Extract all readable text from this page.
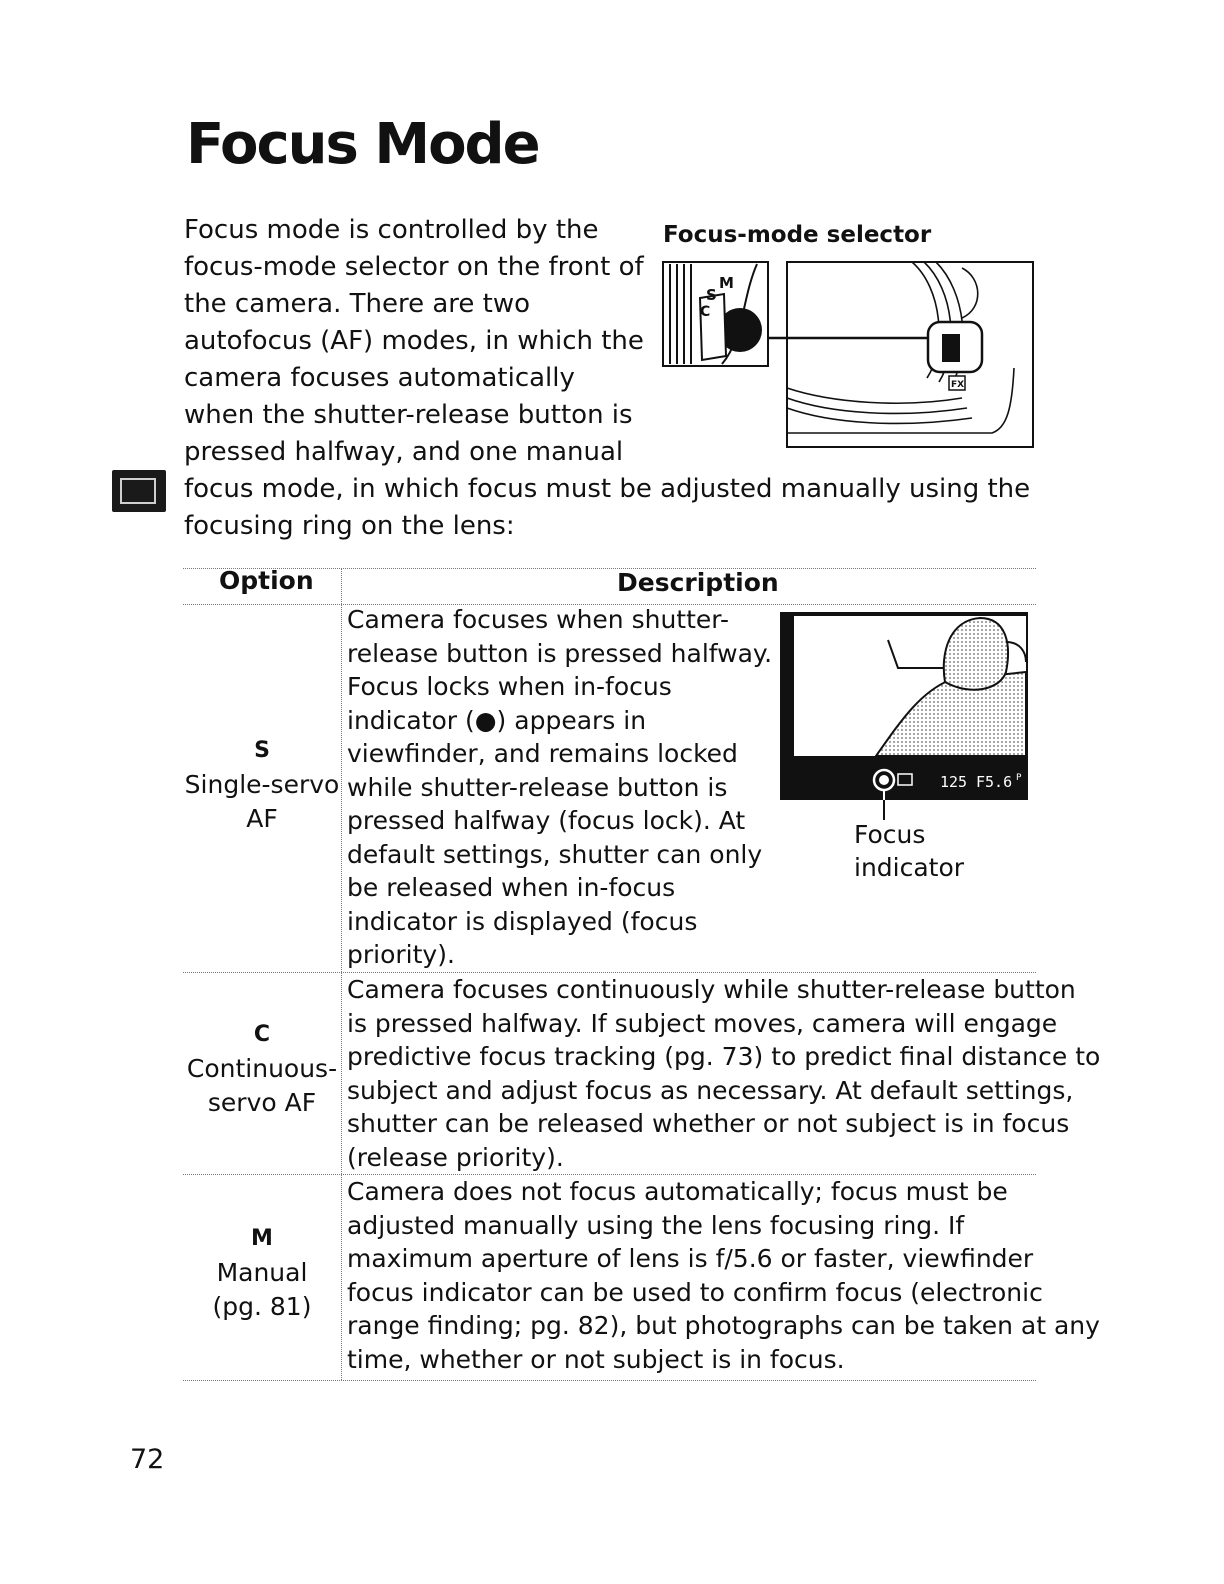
Focus Mode

Focus mode is controlled by the
focus-mode selector on the front of
the camera. There are two
autofocus (AF) modes, in which the
camera focuses automatically
when the shutter-release button is
pressed halfway, and one manual
focus mode, in which focus must be adjusted manually using the
focusing ring on the lens:

Focus-mode selector
S
M
C
FX
Option	Description
S
Single-servo
AF

Camera focuses when shutter-
release button is pressed halfway.
Focus locks when in-focus
indicator (●) appears in
viewfinder, and remains locked
while shutter-release button is
pressed halfway (focus lock). At
default settings, shutter can only
be released when in-focus
indicator is displayed (focus
priority).

125 F5.6 P
Focus
indicator
C
Continuous-
servo AF

Camera focuses continuously while shutter-release button
is pressed halfway. If subject moves, camera will engage
predictive focus tracking (pg. 73) to predict final distance to
subject and adjust focus as necessary. At default settings,
shutter can be released whether or not subject is in focus
(release priority).

M
Manual
(pg. 81)

Camera does not focus automatically; focus must be
adjusted manually using the lens focusing ring. If
maximum aperture of lens is f/5.6 or faster, viewfinder
focus indicator can be used to confirm focus (electronic
range finding; pg. 82), but photographs can be taken at any
time, whether or not subject is in focus.

72
